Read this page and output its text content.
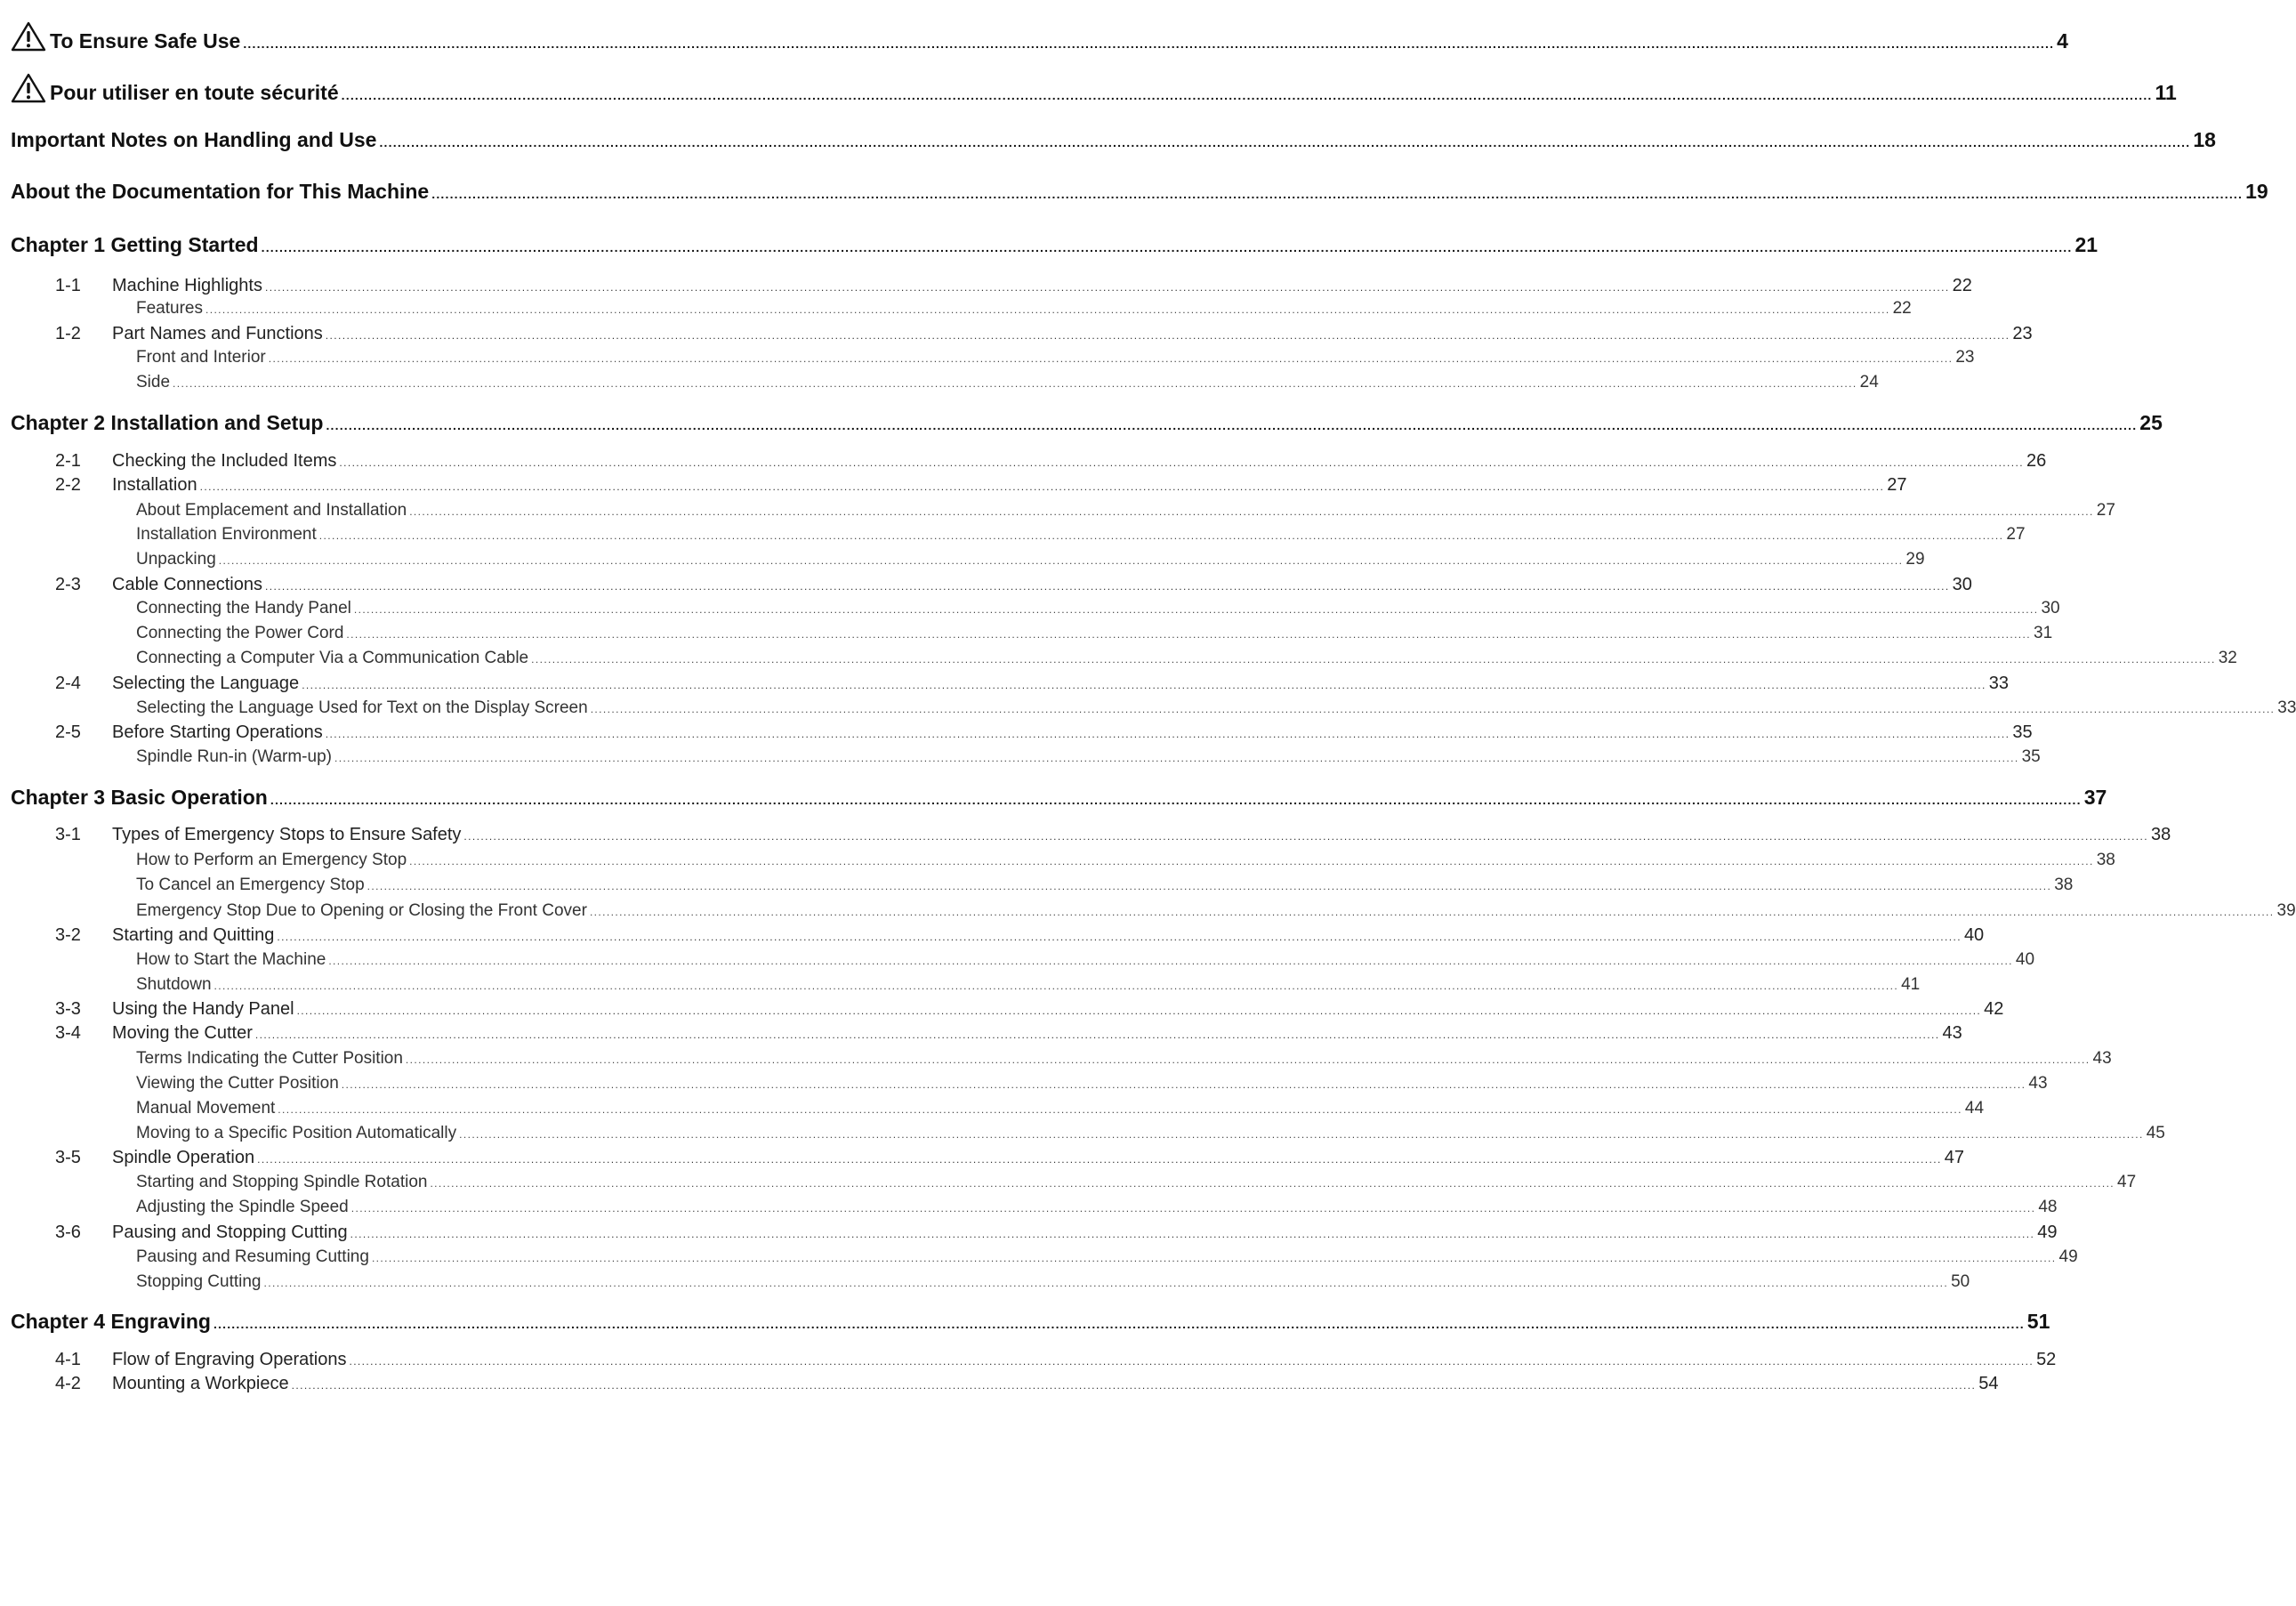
To Ensure Safe Use ................................................................................................................................................................................................................................................................................................................................................................................................................ 4
Pour utiliser en toute sécurité ................................................................................................................................................................................................................................................................................................................................................................................................................ 11
Important Notes on Handling and Use ................................................................................................................................................................................................................................................................................................................................................................................................................ 18
About the Documentation for This Machine ................................................................................................................................................................................................................................................................................................................................................................................................................ 19
Chapter 1 Getting Started ................................................................................................................................................................................................................................................................................................................................................................................................................ 21
1-1 Machine Highlights ................................................................................................................................................................................................................................................................................................................................................................................................................ 22
Features ................................................................................................................................................................................................................................................................................................................................................................................................................ 22
1-2 Part Names and Functions ................................................................................................................................................................................................................................................................................................................................................................................................................ 23
Front and Interior ................................................................................................................................................................................................................................................................................................................................................................................................................ 23
Side ................................................................................................................................................................................................................................................................................................................................................................................................................ 24
Chapter 2 Installation and Setup ................................................................................................................................................................................................................................................................................................................................................................................................................ 25
2-1 Checking the Included Items ................................................................................................................................................................................................................................................................................................................................................................................................................ 26
2-2 Installation ................................................................................................................................................................................................................................................................................................................................................................................................................ 27
About Emplacement and Installation ................................................................................................................................................................................................................................................................................................................................................................................................................ 27
Installation Environment ................................................................................................................................................................................................................................................................................................................................................................................................................ 27
Unpacking ................................................................................................................................................................................................................................................................................................................................................................................................................ 29
2-3 Cable Connections ................................................................................................................................................................................................................................................................................................................................................................................................................ 30
Connecting the Handy Panel ................................................................................................................................................................................................................................................................................................................................................................................................................ 30
Connecting the Power Cord ................................................................................................................................................................................................................................................................................................................................................................................................................ 31
Connecting a Computer Via a Communication Cable ................................................................................................................................................................................................................................................................................................................................................................................................................ 32
2-4 Selecting the Language ................................................................................................................................................................................................................................................................................................................................................................................................................ 33
Selecting the Language Used for Text on the Display Screen ................................................................................................................................................................................................................................................................................................................................................................................................................ 33
2-5 Before Starting Operations ................................................................................................................................................................................................................................................................................................................................................................................................................ 35
Spindle Run-in (Warm-up) ................................................................................................................................................................................................................................................................................................................................................................................................................ 35
Chapter 3 Basic Operation ................................................................................................................................................................................................................................................................................................................................................................................................................ 37
3-1 Types of Emergency Stops to Ensure Safety ................................................................................................................................................................................................................................................................................................................................................................................................................ 38
How to Perform an Emergency Stop ................................................................................................................................................................................................................................................................................................................................................................................................................ 38
To Cancel an Emergency Stop ................................................................................................................................................................................................................................................................................................................................................................................................................ 38
Emergency Stop Due to Opening or Closing the Front Cover ................................................................................................................................................................................................................................................................................................................................................................................................................ 39
3-2 Starting and Quitting ................................................................................................................................................................................................................................................................................................................................................................................................................ 40
How to Start the Machine ................................................................................................................................................................................................................................................................................................................................................................................................................ 40
Shutdown ................................................................................................................................................................................................................................................................................................................................................................................................................ 41
3-3 Using the Handy Panel ................................................................................................................................................................................................................................................................................................................................................................................................................ 42
3-4 Moving the Cutter ................................................................................................................................................................................................................................................................................................................................................................................................................ 43
Terms Indicating the Cutter Position ................................................................................................................................................................................................................................................................................................................................................................................................................ 43
Viewing the Cutter Position ................................................................................................................................................................................................................................................................................................................................................................................................................ 43
Manual Movement ................................................................................................................................................................................................................................................................................................................................................................................................................ 44
Moving to a Specific Position Automatically ................................................................................................................................................................................................................................................................................................................................................................................................................ 45
3-5 Spindle Operation ................................................................................................................................................................................................................................................................................................................................................................................................................ 47
Starting and Stopping Spindle Rotation ................................................................................................................................................................................................................................................................................................................................................................................................................ 47
Adjusting the Spindle Speed ................................................................................................................................................................................................................................................................................................................................................................................................................ 48
3-6 Pausing and Stopping Cutting ................................................................................................................................................................................................................................................................................................................................................................................................................ 49
Pausing and Resuming Cutting ................................................................................................................................................................................................................................................................................................................................................................................................................ 49
Stopping Cutting ................................................................................................................................................................................................................................................................................................................................................................................................................ 50
Chapter 4 Engraving ................................................................................................................................................................................................................................................................................................................................................................................................................ 51
4-1 Flow of Engraving Operations ................................................................................................................................................................................................................................................................................................................................................................................................................ 52
4-2 Mounting a Workpiece ................................................................................................................................................................................................................................................................................................................................................................................................................ 54
